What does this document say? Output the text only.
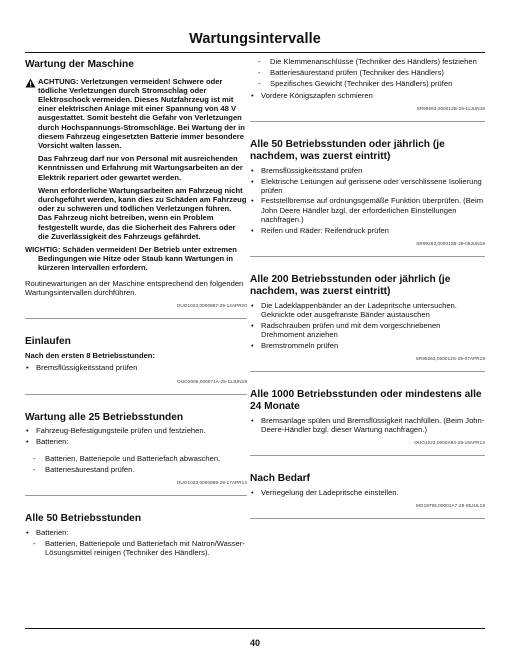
Wartungsintervalle
Wartung der Maschine

ACHTUNG: Verletzungen vermeiden! Schwere oder tödliche Verletzungen durch Stromschlag oder Elektroschock vermeiden. Dieses Nutzfahrzeug ist mit einer elektrischen Anlage mit einer Spannung von 48 V ausgestattet. Somit besteht die Gefahr von Verletzungen durch Hochspannungs-Stromschläge. Bei Wartung der in diesem Fahrzeug eingesetzten Batterie immer besondere Vorsicht walten lassen.

Das Fahrzeug darf nur von Personal mit ausreichenden Kenntnissen und Erfahrung mit Wartungsarbeiten an der Elektrik repariert oder gewartet werden.

Wenn erforderliche Wartungsarbeiten am Fahrzeug nicht durchgeführt werden, kann dies zu Schäden am Fahrzeug oder zu schweren und tödlichen Verletzungen führen. Das Fahrzeug nicht betreiben, wenn ein Problem festgestellt wurde, das die Sicherheit des Fahrers oder die Zuverlässigkeit des Fahrzeugs gefährdet.

WICHTIG: Schäden vermeiden! Der Betrieb unter extremen Bedingungen wie Hitze oder Staub kann Wartungen in kürzeren Intervallen erfordern.

Routinewartungen an der Maschine entsprechend den folgenden Wartungsintervallen durchführen.

OUO1023,0000987-29-14APR20
Einlaufen
Nach den ersten 8 Betriebsstunden:
• Bremsflüssigkeitsstand prüfen
OUO2006,000071A-29-11JUN19
Wartung alle 25 Betriebsstunden
• Fahrzeug-Befestigungsteile prüfen und festziehen.
• Batterien:
- Batterien, Batteriepole und Batteriefach abwaschen.
- Batteriesäurestand prüfen.
OUO1023,0000969-29-17APR13
Alle 50 Betriebsstunden
• Batterien:
- Batterien, Batteriepole und Batteriefach mit Natron/Wasser-Lösungsmittel reinigen (Techniker des Händlers).
- Die Klemmenanschlüsse (Techniker des Händlers) festziehen
- Batteriesäurestand prüfen (Techniker des Händlers)
- Spezifisches Gewicht (Techniker des Händlers) prüfen
• Vordere Königszapfen schmieren
SR99263,000012B-29-11JUN19
Alle 50 Betriebsstunden oder jährlich (je nachdem, was zuerst eintritt)
• Bremsflüssigkeitsstand prüfen
• Elektrische Leitungen auf gerissene oder verschlissene Isolierung prüfen
• Feststellbremse auf ordnungsgemäße Funktion überprüfen. (Beim John Deere Händler bzgl. der erforderlichen Einstellungen nachfragen.)
• Reifen und Räder: Reifendruck prüfen
SR99263,000012B-29-06JUN19
Alle 200 Betriebsstunden oder jährlich (je nachdem, was zuerst eintritt)
• Die Ladeklappenbänder an der Ladepritsche untersuchen. Geknickte oder ausgefranste Bänder austauschen
• Radschrauben prüfen und mit dem vorgeschriebenen Drehmoment anziehen
• Bremstrommeln prüfen
SR99263,000012S-29-07APR19
Alle 1000 Betriebsstunden oder mindestens alle 24 Monate
• Bremsanlage spülen und Bremsflüssigkeit nachfüllen. (Beim John-Deere-Händler bzgl. dieser Wartung nachfragen.)
OUO1023,0000A94-29-19APR13
Nach Bedarf
• Verriegelung der Ladepritsche einstellen.
MG19795,00001A7-29-05JUL19
40
